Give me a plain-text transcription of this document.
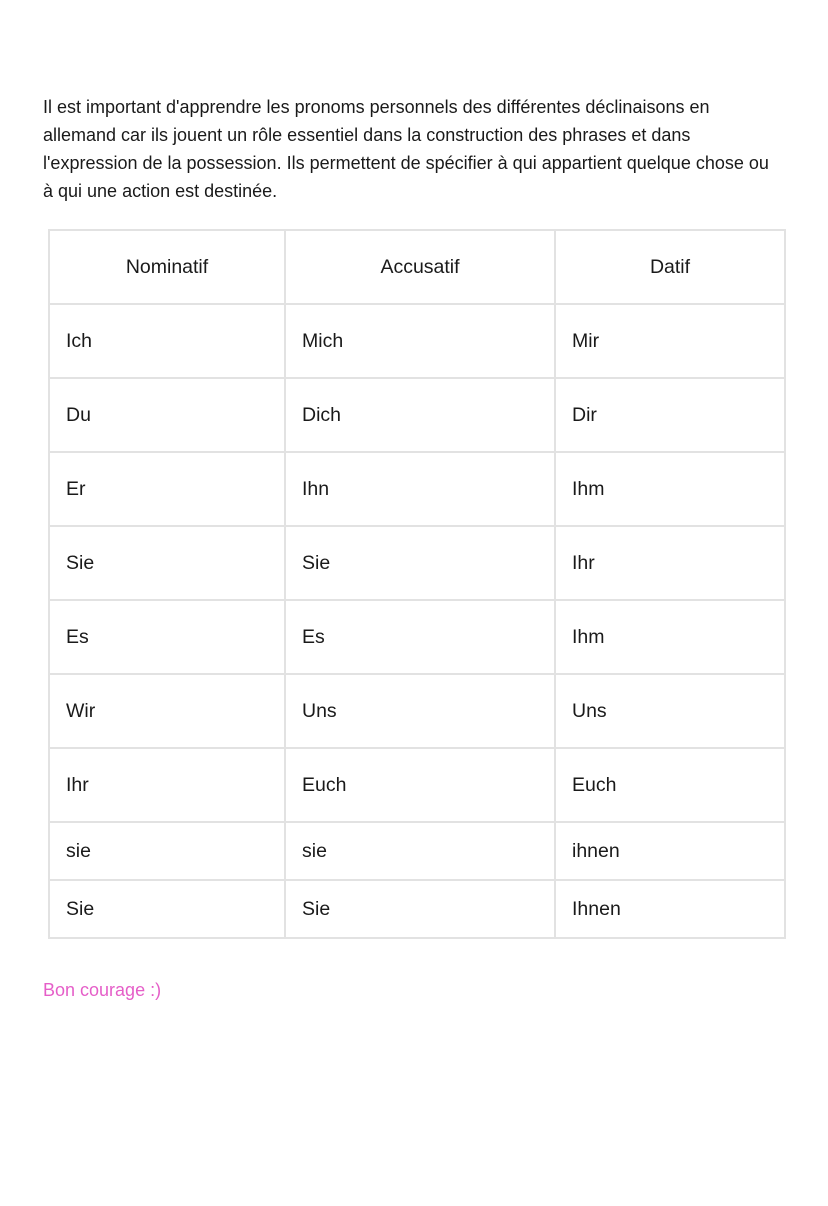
Il est important d'apprendre les pronoms personnels des différentes déclinaisons en allemand car ils jouent un rôle essentiel dans la construction des phrases et dans l'expression de la possession. Ils permettent de spécifier à qui appartient quelque chose ou à qui une action est destinée.

Nominatif	Accusatif	Datif
Ich	Mich	Mir
Du	Dich	Dir
Er	Ihn	Ihm
Sie	Sie	Ihr
Es	Es	Ihm
Wir	Uns	Uns
Ihr	Euch	Euch
sie	sie	ihnen
Sie	Sie	Ihnen

Bon courage :)
